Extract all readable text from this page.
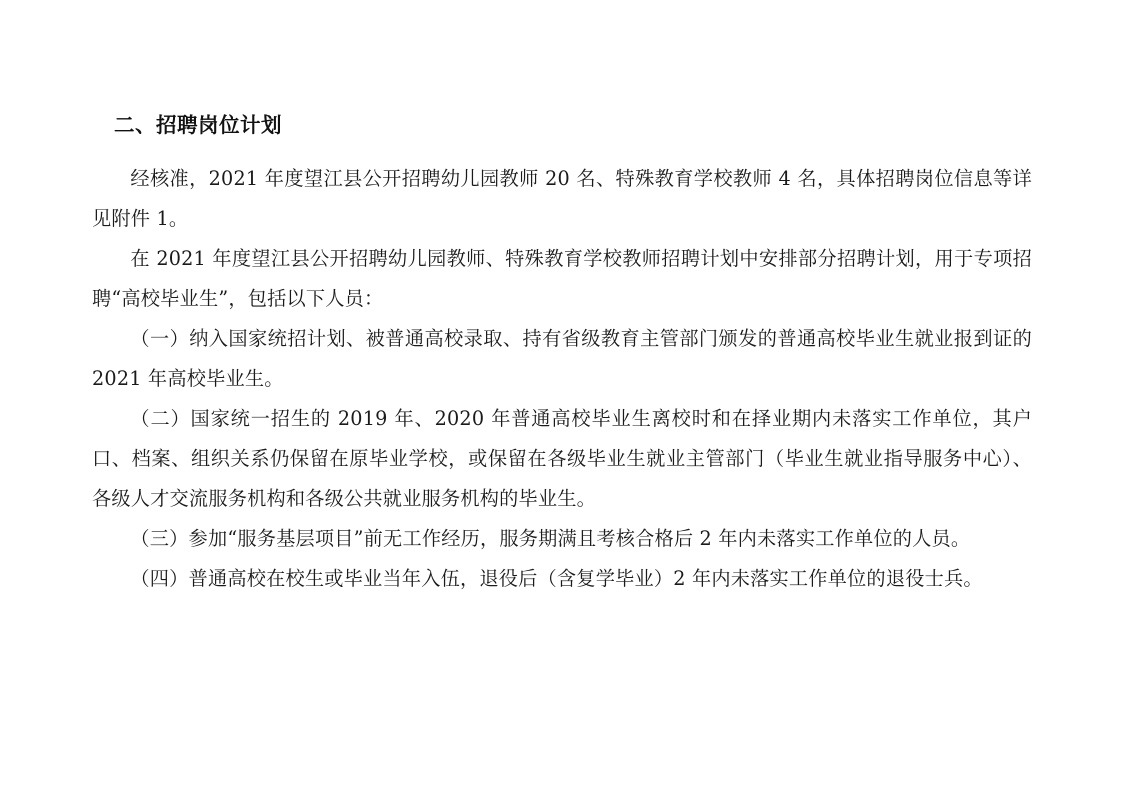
二、招聘岗位计划

经核准，2021 年度望江县公开招聘幼儿园教师 20 名、特殊教育学校教师 4 名，具体招聘岗位信息等详见附件 1。

在 2021 年度望江县公开招聘幼儿园教师、特殊教育学校教师招聘计划中安排部分招聘计划，用于专项招聘“高校毕业生”，包括以下人员：

（一）纳入国家统招计划、被普通高校录取、持有省级教育主管部门颁发的普通高校毕业生就业报到证的 2021 年高校毕业生。

（二）国家统一招生的 2019 年、2020 年普通高校毕业生离校时和在择业期内未落实工作单位，其户口、档案、组织关系仍保留在原毕业学校，或保留在各级毕业生就业主管部门（毕业生就业指导服务中心）、各级人才交流服务机构和各级公共就业服务机构的毕业生。

（三）参加“服务基层项目”前无工作经历，服务期满且考核合格后 2 年内未落实工作单位的人员。

（四）普通高校在校生或毕业当年入伍，退役后（含复学毕业）2 年内未落实工作单位的退役士兵。
